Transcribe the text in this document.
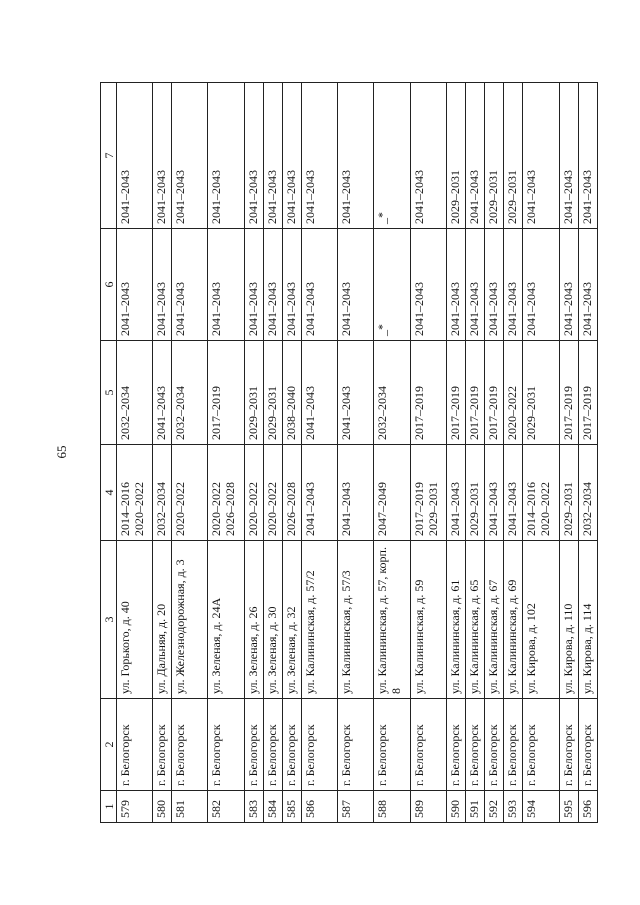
65
1	2	3	4	5	6	7
579	г. Белогорск	ул. Горького, д. 40	2014–2016 2020–2022	2032–2034	2041–2043	2041–2043
580	г. Белогорск	ул. Дальняя, д. 20	2032–2034	2041–2043	2041–2043	2041–2043
581	г. Белогорск	ул. Железнодорожная, д. 3	2020–2022	2032–2034	2041–2043	2041–2043
582	г. Белогорск	ул. Зеленая, д. 24А	2020–2022 2026–2028	2017–2019	2041–2043	2041–2043
583	г. Белогорск	ул. Зеленая, д. 26	2020–2022	2029–2031	2041–2043	2041–2043
584	г. Белогорск	ул. Зеленая, д. 30	2020–2022	2029–2031	2041–2043	2041–2043
585	г. Белогорск	ул. Зеленая, д. 32	2026–2028	2038–2040	2041–2043	2041–2043
586	г. Белогорск	ул. Калининская, д. 57/2	2041–2043	2041–2043	2041–2043	2041–2043
587	г. Белогорск	ул. Калининская, д. 57/3	2041–2043	2041–2043	2041–2043	2041–2043
588	г. Белогорск	ул. Калининская, д. 57, корп. 8	2047–2049	2032–2034	_*	_*
589	г. Белогорск	ул. Калининская, д. 59	2017–2019 2029–2031	2017–2019	2041–2043	2041–2043
590	г. Белогорск	ул. Калининская, д. 61	2041–2043	2017–2019	2041–2043	2029–2031
591	г. Белогорск	ул. Калининская, д. 65	2029–2031	2017–2019	2041–2043	2041–2043
592	г. Белогорск	ул. Калининская, д. 67	2041–2043	2017–2019	2041–2043	2029–2031
593	г. Белогорск	ул. Калининская, д. 69	2041–2043	2020–2022	2041–2043	2029–2031
594	г. Белогорск	ул. Кирова, д. 102	2014–2016 2020–2022	2029–2031	2041–2043	2041–2043
595	г. Белогорск	ул. Кирова, д. 110	2029–2031	2017–2019	2041–2043	2041–2043
596	г. Белогорск	ул. Кирова, д. 114	2032–2034	2017–2019	2041–2043	2041–2043
